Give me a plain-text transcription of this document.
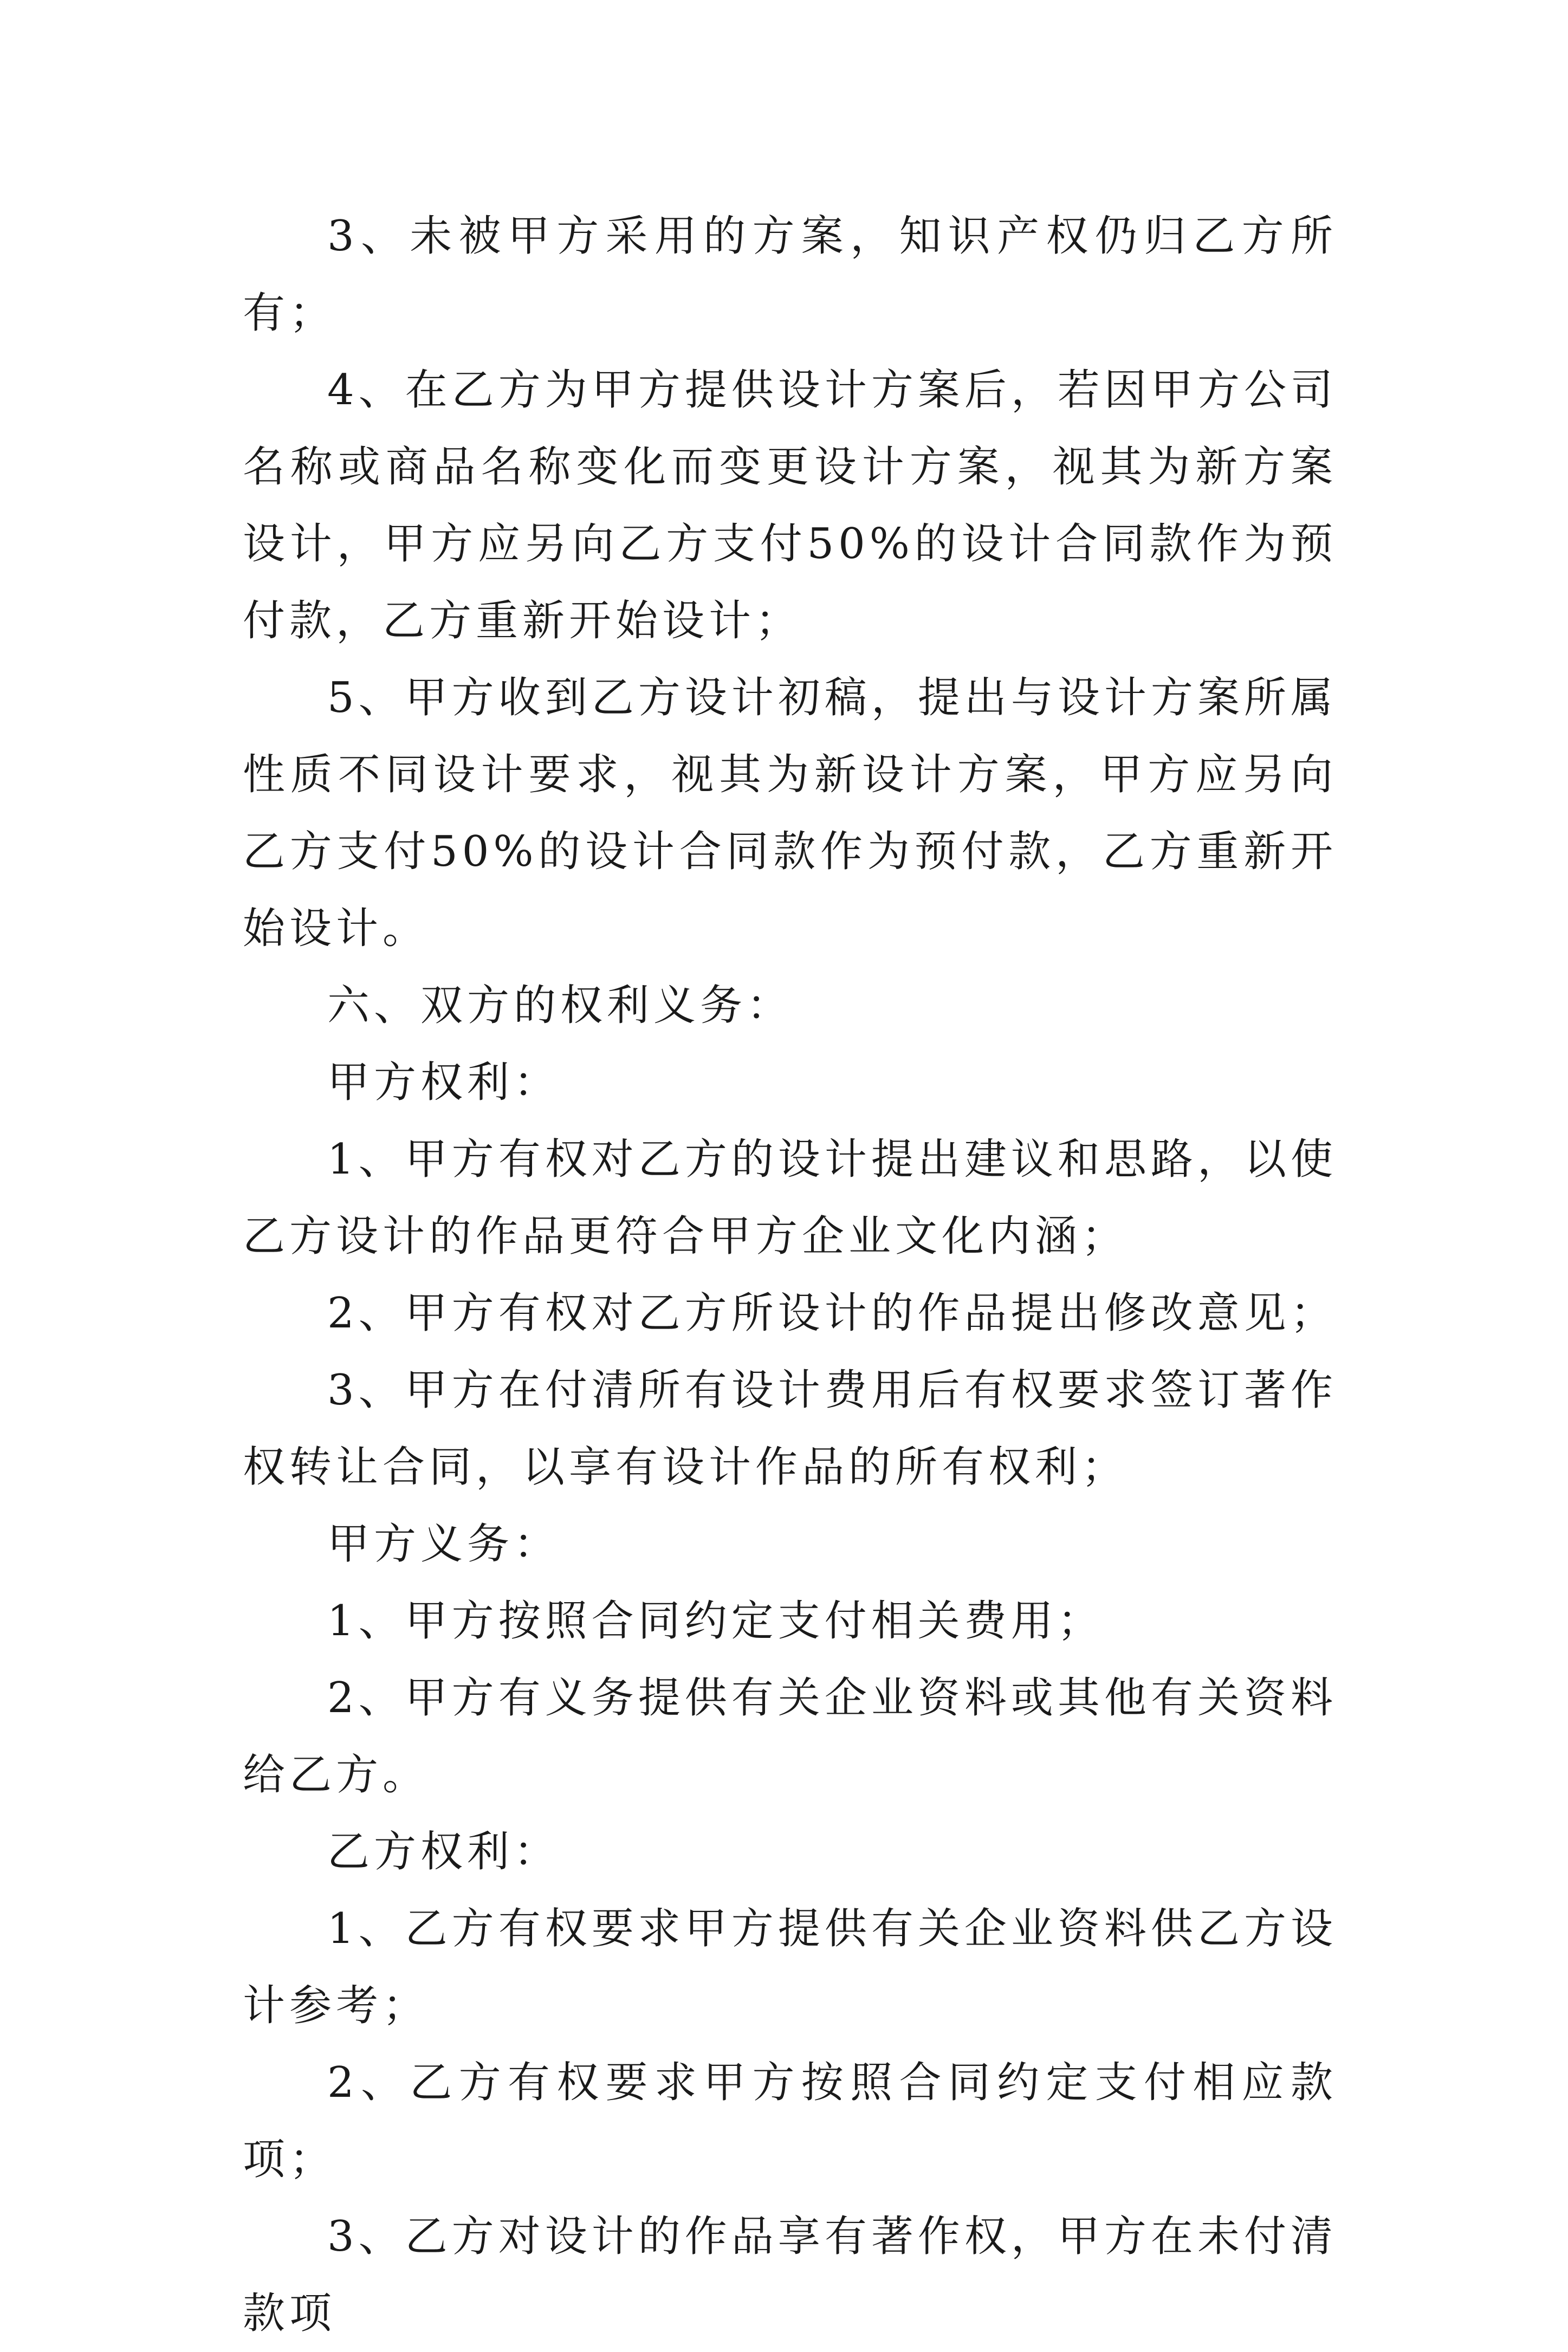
3、未被甲方采用的方案，知识产权仍归乙方所有；

4、在乙方为甲方提供设计方案后，若因甲方公司名称或商品名称变化而变更设计方案，视其为新方案设计，甲方应另向乙方支付50%的设计合同款作为预付款，乙方重新开始设计；

5、甲方收到乙方设计初稿，提出与设计方案所属性质不同设计要求，视其为新设计方案，甲方应另向乙方支付50%的设计合同款作为预付款，乙方重新开始设计。

六、双方的权利义务：

甲方权利：

1、甲方有权对乙方的设计提出建议和思路，以使乙方设计的作品更符合甲方企业文化内涵；

2、甲方有权对乙方所设计的作品提出修改意见；

3、甲方在付清所有设计费用后有权要求签订著作权转让合同，以享有设计作品的所有权利；

甲方义务：

1、甲方按照合同约定支付相关费用；

2、甲方有义务提供有关企业资料或其他有关资料给乙方。

乙方权利：

1、乙方有权要求甲方提供有关企业资料供乙方设计参考；

2、乙方有权要求甲方按照合同约定支付相应款项；

3、乙方对设计的作品享有著作权，甲方在未付清款项
